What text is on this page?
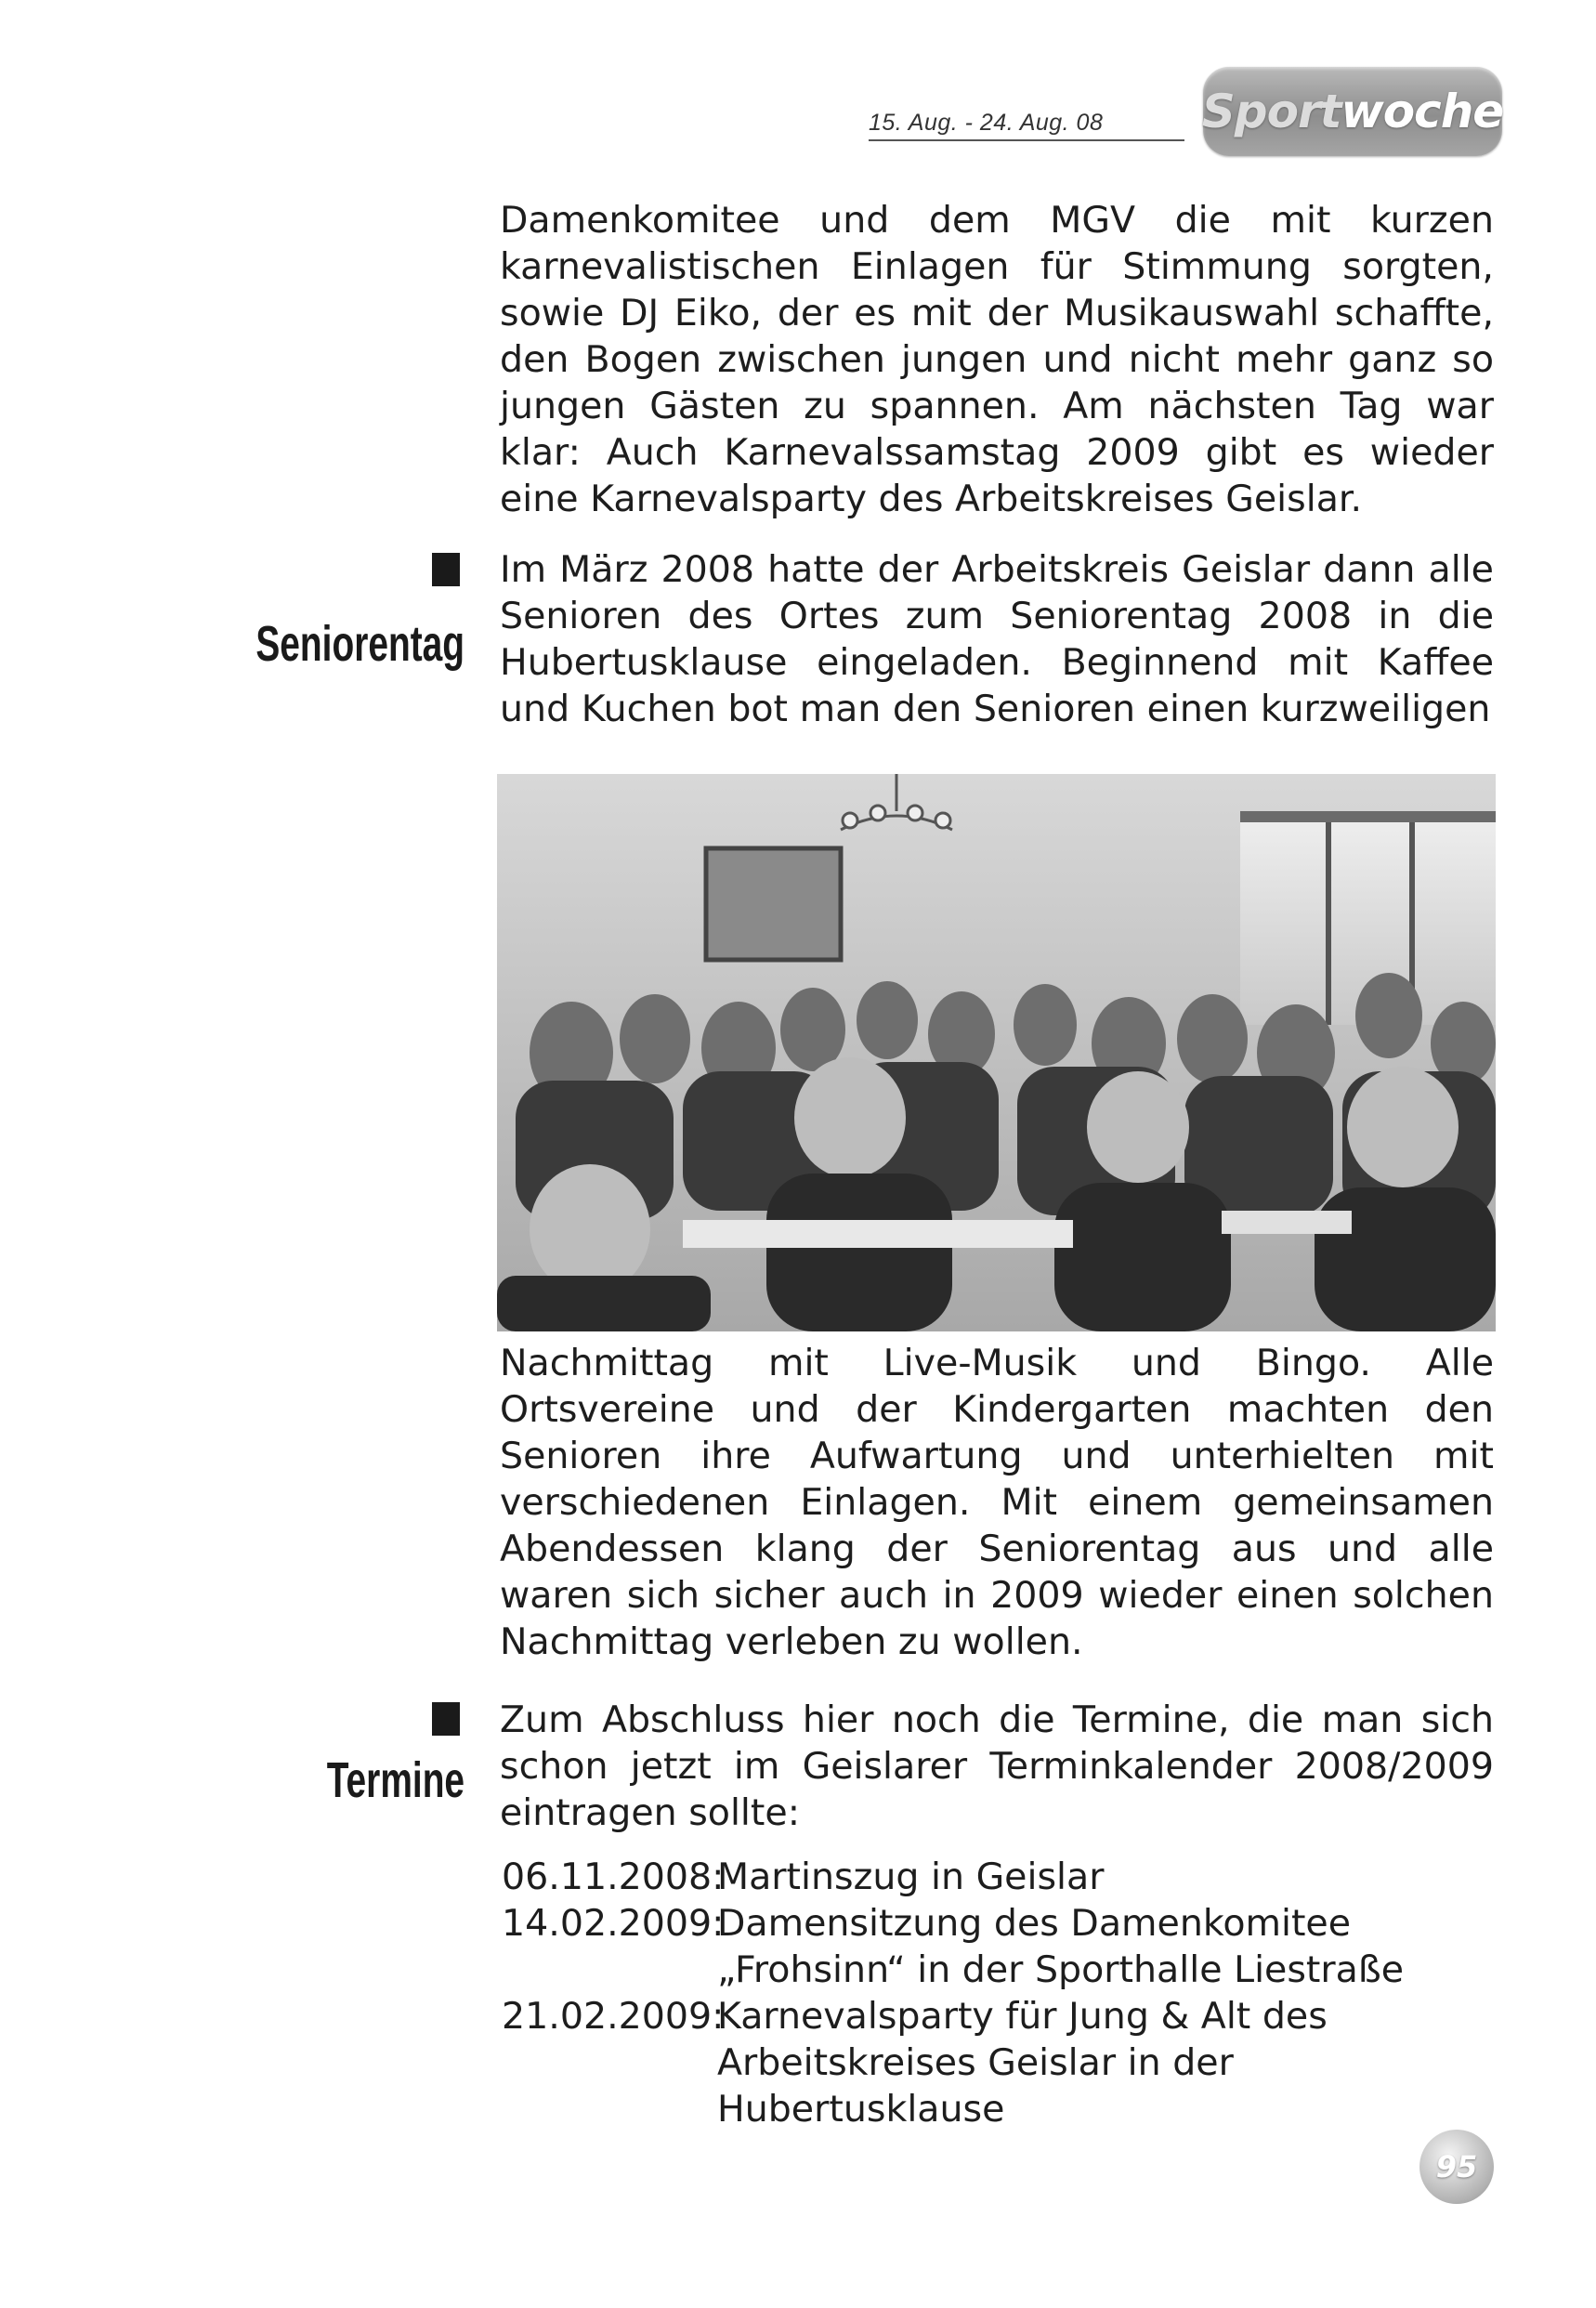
15. Aug. - 24. Aug. 08	Sportwoche

Damenkomitee und dem MGV die mit kurzen karnevalistischen Einlagen für Stimmung sorgten, sowie DJ Eiko, der es mit der Musikauswahl schaffte, den Bogen zwischen jungen und nicht mehr ganz so jungen Gästen zu spannen. Am nächsten Tag war klar: Auch Karnevalssamstag 2009 gibt es wieder eine Karnevalsparty des Arbeitskreises Geislar.

Seniorentag

Im März 2008 hatte der Arbeitskreis Geislar dann alle Senioren des Ortes zum Seniorentag 2008 in die Hubertusklause eingeladen. Beginnend mit Kaffee und Kuchen bot man den Senioren einen kurzweiligen

Nachmittag mit Live-Musik und Bingo. Alle Ortsvereine und der Kindergarten machten den Senioren ihre Aufwartung und unterhielten mit verschiedenen Einlagen. Mit einem gemeinsamen Abendessen klang der Seniorentag aus und alle waren sich sicher auch in 2009 wieder einen solchen Nachmittag verleben zu wollen.

Termine

Zum Abschluss hier noch die Termine, die man sich schon jetzt im Geislarer Terminkalender 2008/2009 eintragen sollte:

06.11.2008:
Martinszug in Geislar
14.02.2009:
Damensitzung des Damenkomitee „Frohsinn“ in der Sporthalle Liestraße
21.02.2009:
Karnevalsparty für Jung & Alt des Arbeitskreises Geislar in der Hubertusklause
95
